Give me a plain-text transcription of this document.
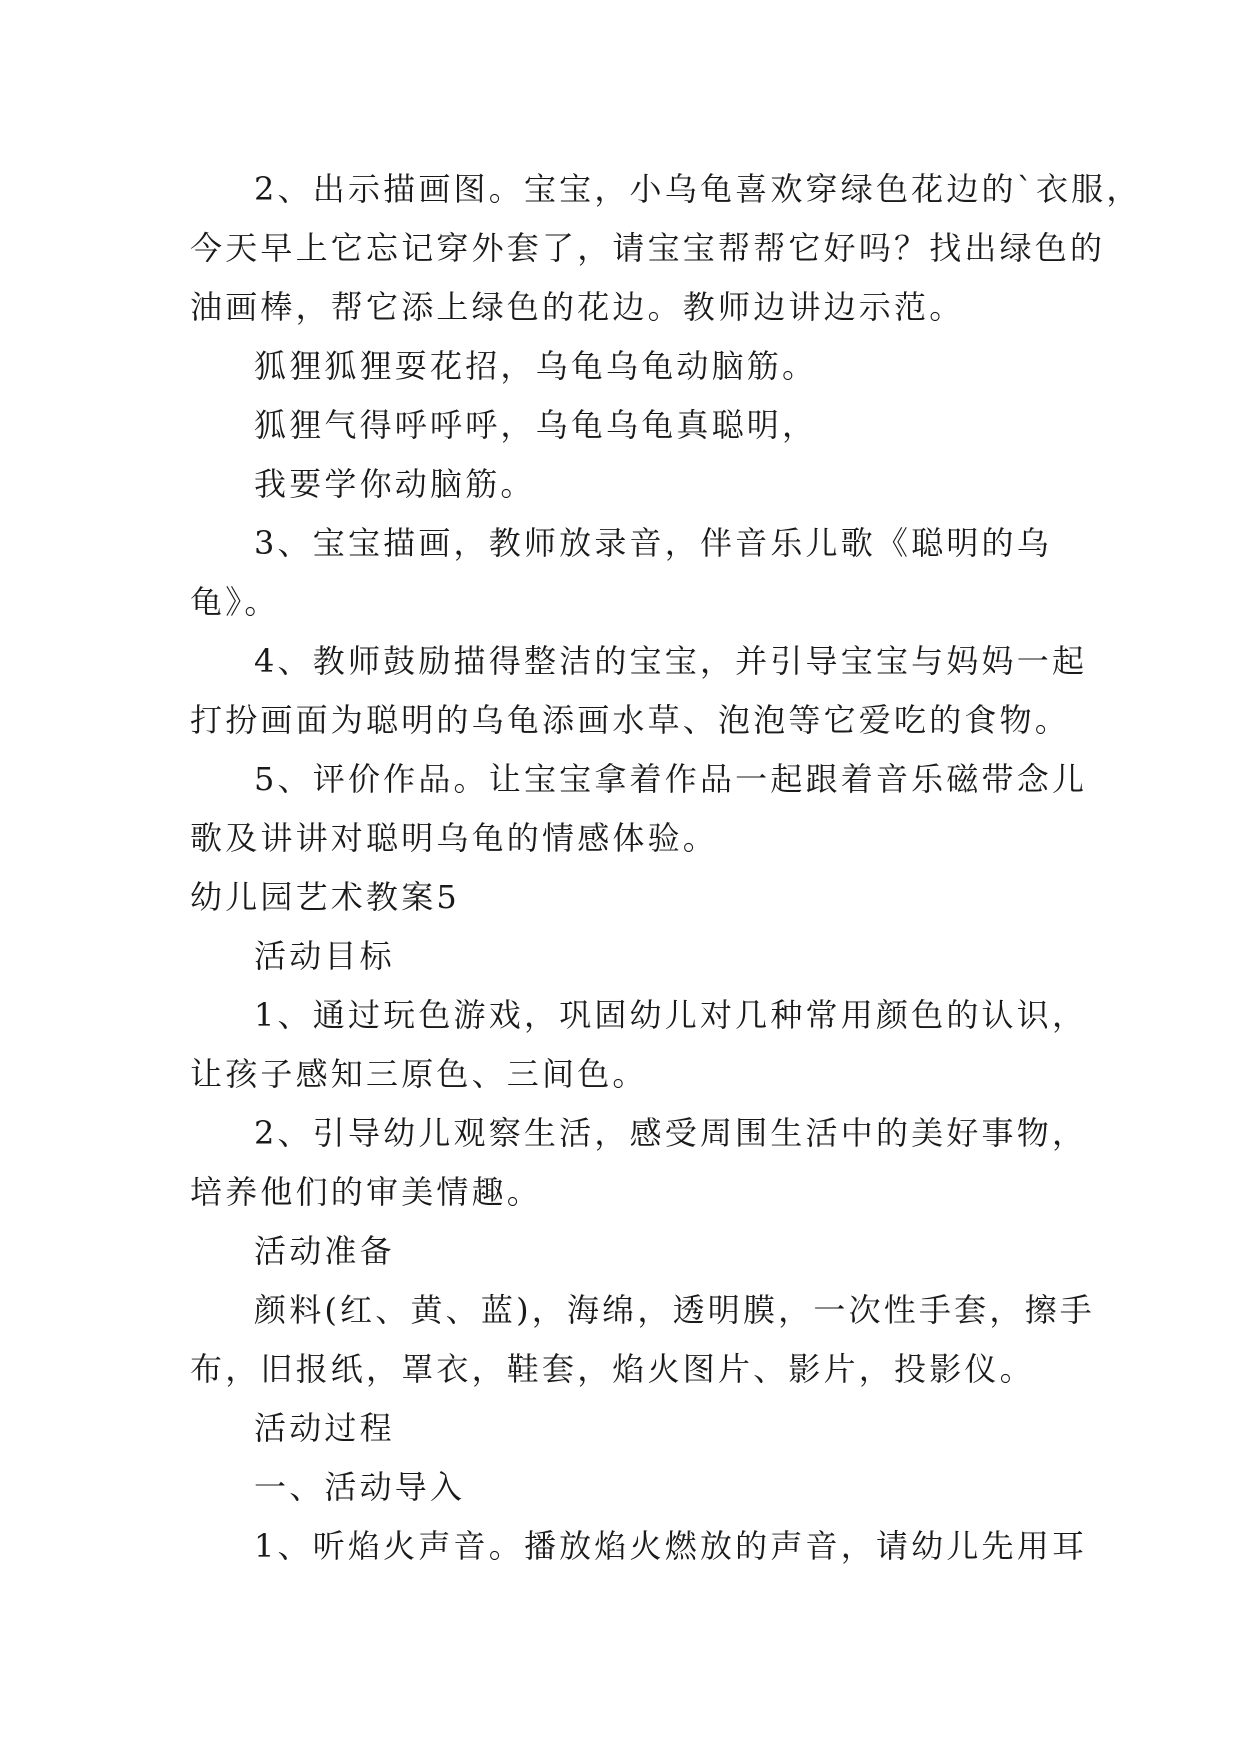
2、出示描画图。宝宝，小乌龟喜欢穿绿色花边的`衣服，

今天早上它忘记穿外套了，请宝宝帮帮它好吗？找出绿色的

油画棒，帮它添上绿色的花边。教师边讲边示范。

狐狸狐狸耍花招，乌龟乌龟动脑筋。

狐狸气得呼呼呼，乌龟乌龟真聪明，

我要学你动脑筋。

3、宝宝描画，教师放录音，伴音乐儿歌《聪明的乌

龟》。

4、教师鼓励描得整洁的宝宝，并引导宝宝与妈妈一起

打扮画面为聪明的乌龟添画水草、泡泡等它爱吃的食物。

5、评价作品。让宝宝拿着作品一起跟着音乐磁带念儿

歌及讲讲对聪明乌龟的情感体验。

幼儿园艺术教案5

活动目标

1、通过玩色游戏，巩固幼儿对几种常用颜色的认识，

让孩子感知三原色、三间色。

2、引导幼儿观察生活，感受周围生活中的美好事物，

培养他们的审美情趣。

活动准备

颜料(红、黄、蓝)，海绵，透明膜，一次性手套，擦手

布，旧报纸，罩衣，鞋套，焰火图片、影片，投影仪。

活动过程

一、活动导入

1、听焰火声音。播放焰火燃放的声音，请幼儿先用耳
